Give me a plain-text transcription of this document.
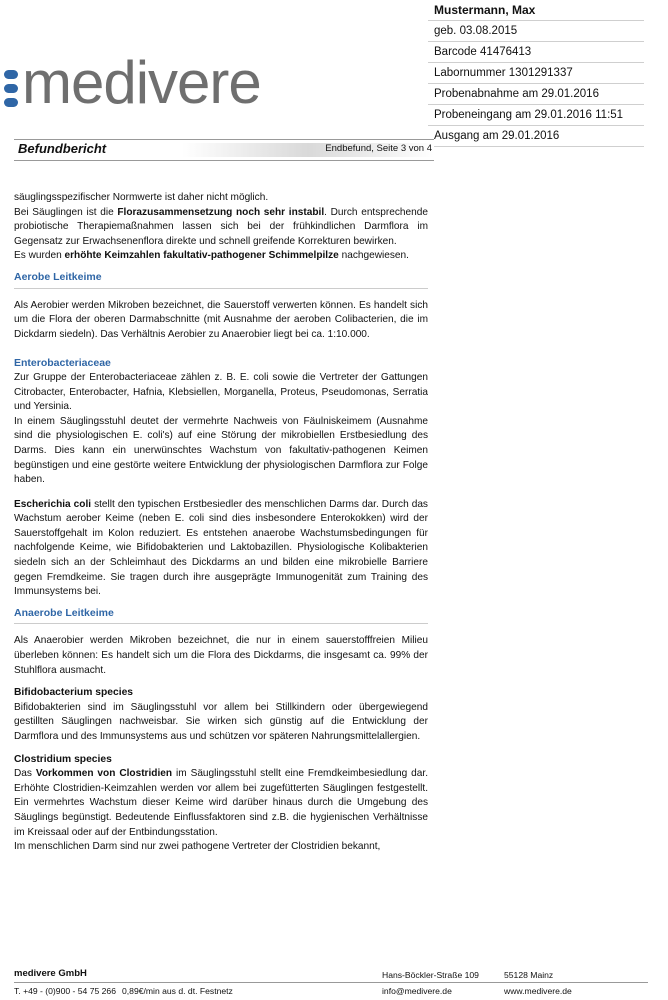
medivere
Mustermann, Max
geb. 03.08.2015
Barcode 41476413
Labornummer 1301291337
Probenabnahme am 29.01.2016
Probeneingang am 29.01.2016 11:51
Ausgang am 29.01.2016
Befundbericht	Endbefund, Seite 3 von 4

säuglingsspezifischer Normwerte ist daher nicht möglich.

Bei Säuglingen ist die Florazusammensetzung noch sehr instabil. Durch entsprechende probiotische Therapiemaßnahmen lassen sich bei der frühkindlichen Darmflora im Gegensatz zur Erwachsenenflora direkte und schnell greifende Korrekturen bewirken.

Es wurden erhöhte Keimzahlen fakultativ-pathogener Schimmelpilze nachgewiesen.

Aerobe Leitkeime

Als Aerobier werden Mikroben bezeichnet, die Sauerstoff verwerten können. Es handelt sich um die Flora der oberen Darmabschnitte (mit Ausnahme der aeroben Colibacterien, die im Dickdarm siedeln). Das Verhältnis Aerobier zu Anaerobier liegt bei ca. 1:10.000.

Enterobacteriaceae

Zur Gruppe der Enterobacteriaceae zählen z. B. E. coli sowie die Vertreter der Gattungen Citrobacter, Enterobacter, Hafnia, Klebsiellen, Morganella, Proteus, Pseudomonas, Serratia und Yersinia.

In einem Säuglingsstuhl deutet der vermehrte Nachweis von Fäulniskeimem (Ausnahme sind die physiologischen E. coli's) auf eine Störung der mikrobiellen Erstbesiedlung des Darms. Dies kann ein unerwünschtes Wachstum von fakultativ-pathogenen Keimen begünstigen und eine gestörte weitere Entwicklung der physiologischen Darmflora zur Folge haben.

Escherichia coli stellt den typischen Erstbesiedler des menschlichen Darms dar. Durch das Wachstum aerober Keime (neben E. coli sind dies insbesondere Enterokokken) wird der Sauerstoffgehalt im Kolon reduziert. Es entstehen anaerobe Wachstumsbedingungen für nachfolgende Keime, wie Bifidobakterien und Laktobazillen. Physiologische Kolibakterien siedeln sich an der Schleimhaut des Dickdarms an und bilden eine mikrobielle Barriere gegen Fremdkeime. Sie tragen durch ihre ausgeprägte Immunogenität zum Training des Immunsystems bei.

Anaerobe Leitkeime

Als Anaerobier werden Mikroben bezeichnet, die nur in einem sauerstofffreien Milieu überleben können: Es handelt sich um die Flora des Dickdarms, die insgesamt ca. 99% der Stuhlflora ausmacht.

Bifidobacterium species

Bifidobakterien sind im Säuglingsstuhl vor allem bei Stillkindern oder übergewiegend gestillten Säuglingen nachweisbar. Sie wirken sich günstig auf die Entwicklung der Darmflora und des Immunsystems aus und schützen vor späteren Nahrungsmittelallergien.

Clostridium species

Das Vorkommen von Clostridien im Säuglingsstuhl stellt eine Fremdkeimbesiedlung dar. Erhöhte Clostridien-Keimzahlen werden vor allem bei zugefütterten Säuglingen festgestellt. Ein vermehrtes Wachstum dieser Keime wird darüber hinaus durch die Umgebung des Säuglings begünstigt. Bedeutende Einflussfaktoren sind z.B. die hygienischen Verhältnisse im Kreissaal oder auf der Entbindungsstation.

Im menschlichen Darm sind nur zwei pathogene Vertreter der Clostridien bekannt,

medivere GmbH	Hans-Böckler-Straße 109	55128 Mainz
T. +49 - (0)900 - 54 75 266 0,89€/min aus d. dt. Festnetz	info@medivere.de	www.medivere.de
